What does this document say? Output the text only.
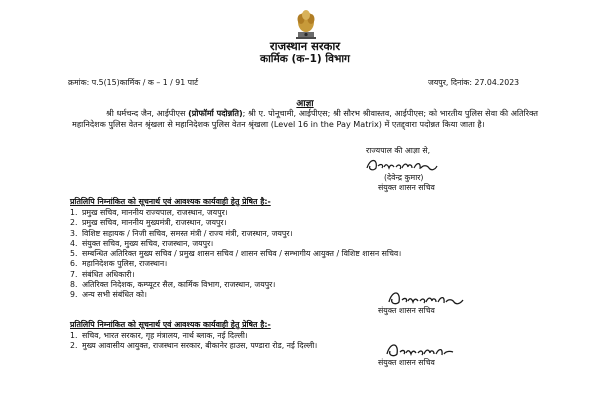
राजस्थान सरकार
कार्मिक (क–1) विभाग
क्रमांक: प.5(15)कार्मिक / क – 1 / 91 पार्ट	जयपुर, दिनांक: 27.04.2023
आज्ञा
श्री धर्मचन्द जैन, आईपीएस (प्रोफॉर्मा पदोन्नति); श्री ए. पोनूचामी, आईपीएस; श्री सौरभ श्रीवास्तव, आईपीएस; को भारतीय पुलिस सेवा की अतिरिक्त महानिदेशक पुलिस वेतन श्रृंखला से महानिदेशक पुलिस वेतन श्रृंखला (Level 16 in the Pay Matrix) में एतद्द्वारा पदोन्नत किया जाता है।
राज्यपाल की आज्ञा से,
(देवेन्द्र कुमार)
संयुक्त शासन सचिव
प्रतिलिपि निम्नांकित को सूचनार्थ एवं आवश्यक कार्यवाही हेतु प्रेषित है:-
1. प्रमुख सचिव, माननीय राज्यपाल, राजस्थान, जयपुर।
2. प्रमुख सचिव, माननीय मुख्यमंत्री, राजस्थान, जयपुर।
3. विशिष्ट सहायक / निजी सचिव, समस्त मंत्री / राज्य मंत्री, राजस्थान, जयपुर।
4. संयुक्त सचिव, मुख्य सचिव, राजस्थान, जयपुर।
5. सम्बन्धित अतिरिक्त मुख्य सचिव / प्रमुख शासन सचिव / शासन सचिव / सम्भागीय आयुक्त / विशिष्ट शासन सचिव।
6. महानिदेशक पुलिस, राजस्थान।
7. संबंधित अधिकारी।
8. अतिरिक्त निदेशक, कम्प्यूटर सैल, कार्मिक विभाग, राजस्थान, जयपुर।
9. अन्य सभी संबंधित को।
संयुक्त शासन सचिव
प्रतिलिपि निम्नांकित को सूचनार्थ एवं आवश्यक कार्यवाही हेतु प्रेषित है:-
1. सचिव, भारत सरकार, गृह मंत्रालय, नार्थ ब्लाक, नई दिल्ली।
2. मुख्य आवासीय आयुक्त, राजस्थान सरकार, बीकानेर हाउस, पण्डारा रोड, नई दिल्ली।
संयुक्त शासन सचिव
